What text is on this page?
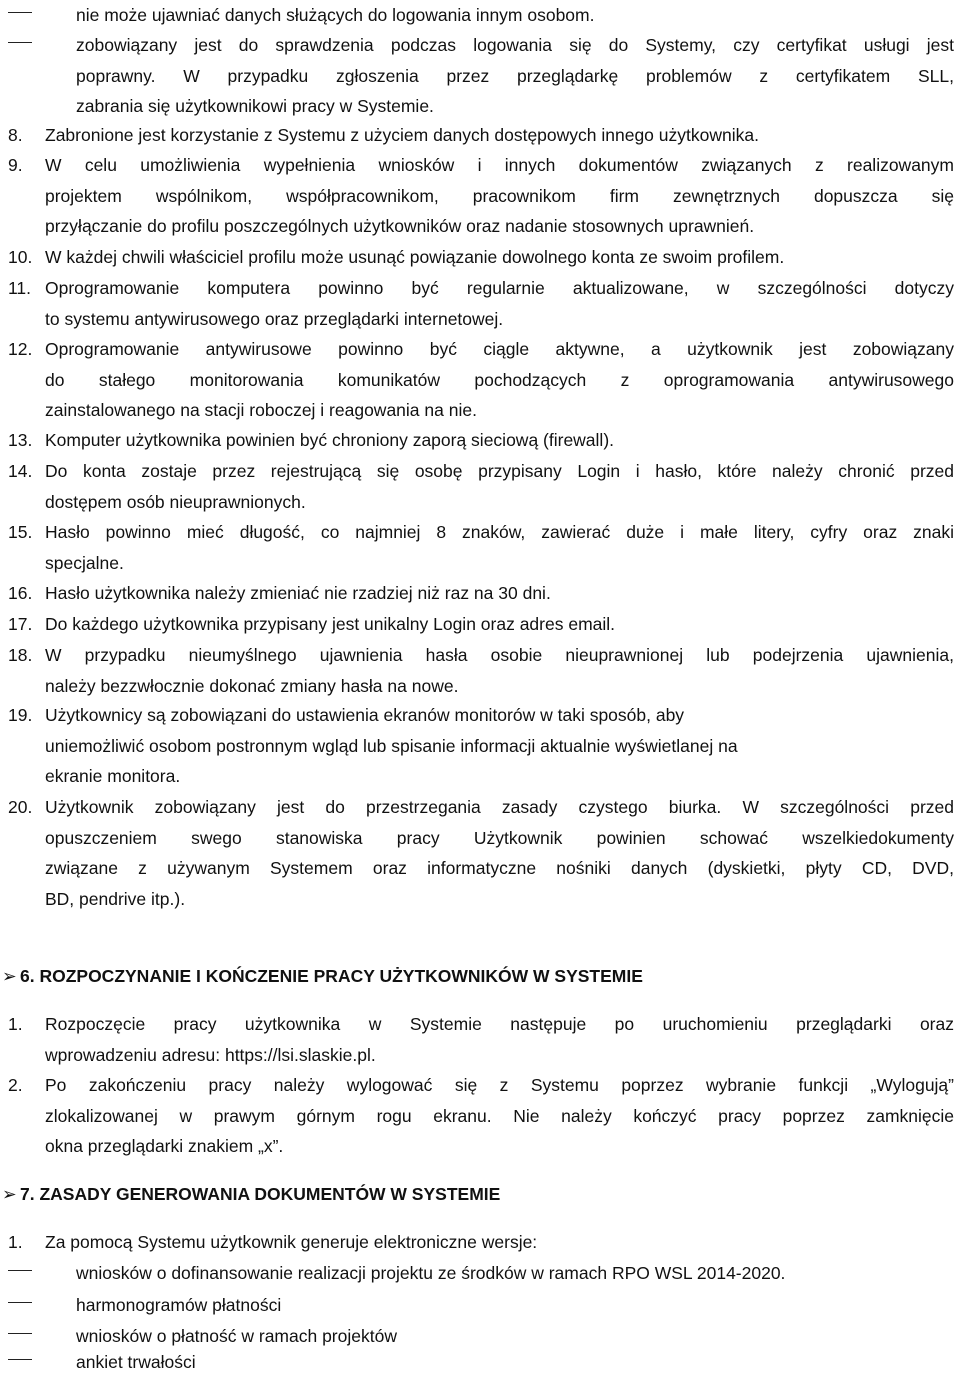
nie może ujawniać danych służących do logowania innym osobom.
zobowiązany jest do sprawdzenia podczas logowania się do Systemy, czy certyfikat usługi jest
poprawny. W przypadku zgłoszenia przez przeglądarkę problemów z certyfikatem SLL,
zabrania się użytkownikowi pracy w Systemie.
8.	Zabronione jest korzystanie z Systemu z użyciem danych dostępowych innego użytkownika.
9.	W celu umożliwienia wypełnienia wniosków i innych dokumentów związanych z realizowanym
projektem wspólnikom, współpracownikom, pracownikom firm zewnętrznych dopuszcza się
przyłączanie do profilu poszczególnych użytkowników oraz nadanie stosownych uprawnień.
10. W każdej chwili właściciel profilu może usunąć powiązanie dowolnego konta ze swoim profilem.
11. Oprogramowanie komputera powinno być regularnie aktualizowane, w szczególności dotyczy
to systemu antywirusowego oraz przeglądarki internetowej.
12. Oprogramowanie antywirusowe powinno być ciągle aktywne, a użytkownik jest zobowiązany
do stałego monitorowania komunikatów pochodzących z oprogramowania antywirusowego
zainstalowanego na stacji roboczej i reagowania na nie.
13. Komputer użytkownika powinien być chroniony zaporą sieciową (firewall).
14. Do konta zostaje przez rejestrującą się osobę przypisany Login i hasło, które należy chronić przed
dostępem osób nieuprawnionych.
15. Hasło powinno mieć długość, co najmniej 8 znaków, zawierać duże i małe litery, cyfry oraz znaki
specjalne.
16. Hasło użytkownika należy zmieniać nie rzadziej niż raz na 30 dni.
17. Do każdego użytkownika przypisany jest unikalny Login oraz adres email.
18. W przypadku nieumyślnego ujawnienia hasła osobie nieuprawnionej lub podejrzenia ujawnienia,
należy bezzwłocznie dokonać zmiany hasła na nowe.
19. Użytkownicy są zobowiązani do ustawienia ekranów monitorów w taki sposób, aby
uniemożliwić osobom postronnym wgląd lub spisanie informacji aktualnie wyświetlanej na
ekranie monitora.
20. Użytkownik zobowiązany jest do przestrzegania zasady czystego biurka. W szczególności przed
opuszczeniem swego stanowiska pracy Użytkownik powinien schować wszelkiedokumenty
związane z używanym Systemem oraz informatyczne nośniki danych (dyskietki, płyty CD, DVD,
BD, pendrive itp.).
➢ 6. ROZPOCZYNANIE I KOŃCZENIE PRACY UŻYTKOWNIKÓW W SYSTEMIE
1.	Rozpoczęcie pracy użytkownika w Systemie następuje po uruchomieniu przeglądarki oraz
wprowadzeniu adresu: https://lsi.slaskie.pl.
2.	Po zakończeniu pracy należy wylogować się z Systemu poprzez wybranie funkcji „Wylogują”
zlokalizowanej w prawym górnym rogu ekranu. Nie należy kończyć pracy poprzez zamknięcie
okna przeglądarki znakiem „x”.
➢ 7. ZASADY GENEROWANIA DOKUMENTÓW W SYSTEMIE
1.	Za pomocą Systemu użytkownik generuje elektroniczne wersje:
wniosków o dofinansowanie realizacji projektu ze środków w ramach RPO WSL 2014-2020.
harmonogramów płatności
wniosków o płatność w ramach projektów
ankiet trwałości
